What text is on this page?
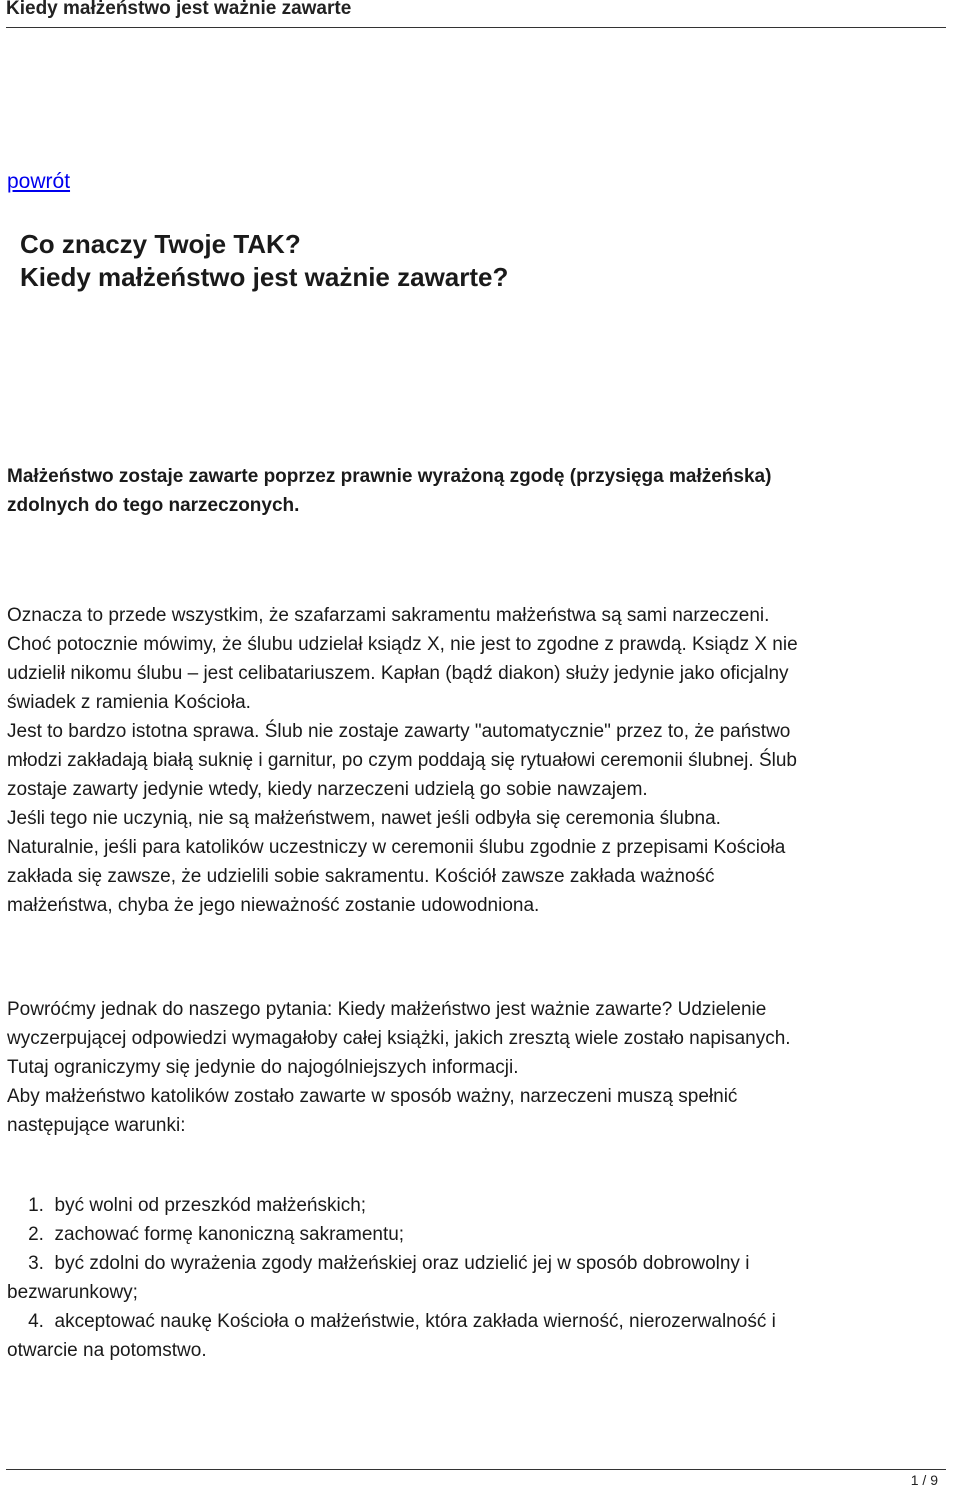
Kiedy małżeństwo jest ważnie zawarte
powrót
Co znaczy Twoje TAK?
Kiedy małżeństwo jest ważnie zawarte?
Małżeństwo zostaje zawarte poprzez prawnie wyrażoną zgodę (przysięga małżeńska)
zdolnych do tego narzeczonych.
Oznacza to przede wszystkim, że szafarzami sakramentu małżeństwa są sami narzeczeni.
Choć potocznie mówimy, że ślubu udzielał ksiądz X, nie jest to zgodne z prawdą. Ksiądz X nie
udzielił nikomu ślubu – jest celibatariuszem. Kapłan (bądź diakon) służy jedynie jako oficjalny
świadek z ramienia Kościoła.
Jest to bardzo istotna sprawa. Ślub nie zostaje zawarty "automatycznie" przez to, że państwo
młodzi zakładają białą suknię i garnitur, po czym poddają się rytuałowi ceremonii ślubnej. Ślub
zostaje zawarty jedynie wtedy, kiedy narzeczeni udzielą go sobie nawzajem.
Jeśli tego nie uczynią, nie są małżeństwem, nawet jeśli odbyła się ceremonia ślubna.
Naturalnie, jeśli para katolików uczestniczy w ceremonii ślubu zgodnie z przepisami Kościoła
zakłada się zawsze, że udzielili sobie sakramentu. Kościół zawsze zakłada ważność
małżeństwa, chyba że jego nieważność zostanie udowodniona.
Powróćmy jednak do naszego pytania: Kiedy małżeństwo jest ważnie zawarte? Udzielenie
wyczerpującej odpowiedzi wymagałoby całej książki, jakich zresztą wiele zostało napisanych.
Tutaj ograniczymy się jedynie do najogólniejszych informacji.
Aby małżeństwo katolików zostało zawarte w sposób ważny, narzeczeni muszą spełnić
następujące warunki:
1.  być wolni od przeszkód małżeńskich;
2.  zachować formę kanoniczną sakramentu;
3.  być zdolni do wyrażenia zgody małżeńskiej oraz udzielić jej w sposób dobrowolny i
bezwarunkowy;
4.  akceptować naukę Kościoła o małżeństwie, która zakłada wierność, nierozerwalność i
otwarcie na potomstwo.
1 / 9
